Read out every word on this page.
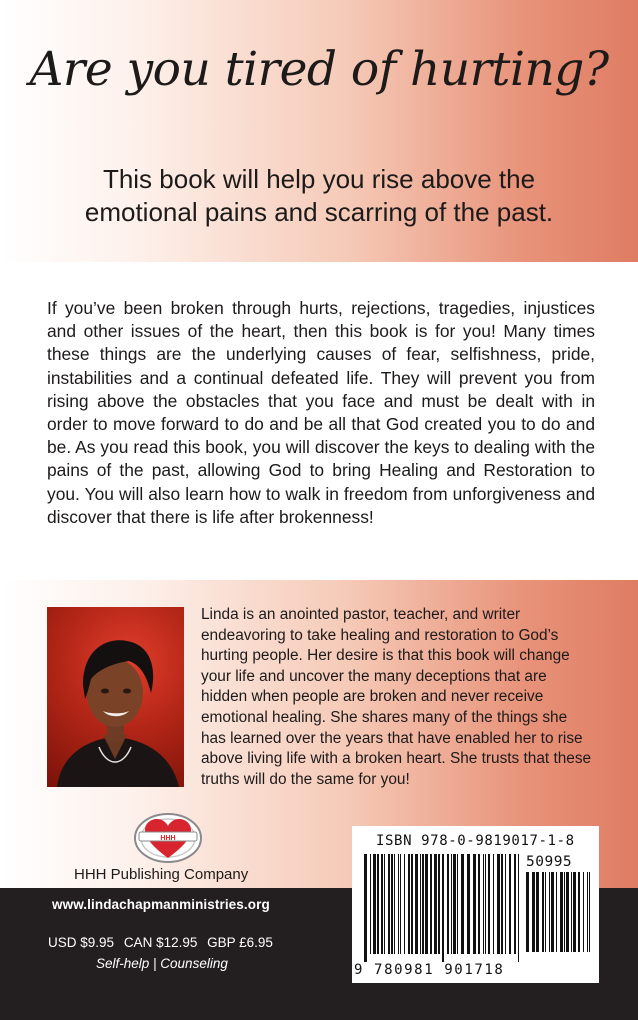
Are you tired of hurting?

This book will help you rise above the
emotional pains and scarring of the past.

If you’ve been broken through hurts, rejections, tragedies, injustices and other issues of the heart, then this book is for you! Many times these things are the underlying causes of fear, selfishness, pride, instabilities and a continual defeated life. They will prevent you from rising above the obstacles that you face and must be dealt with in order to move forward to do and be all that God created you to do and be. As you read this book, you will discover the keys to dealing with the pains of the past, allowing God to bring Healing and Restoration to you. You will also learn how to walk in freedom from unforgiveness and discover that there is life after brokenness!

Linda is an anointed pastor, teacher, and writer endeavoring to take healing and restoration to God’s hurting people. Her desire is that this book will change your life and uncover the many deceptions that are hidden when people are broken and never receive emotional healing. She shares many of the things she has learned over the years that have enabled her to rise above living life with a broken heart. She trusts that these truths will do the same for you!

HHH

HHH Publishing Company

www.lindachapmanministries.org

USD $9.95 CAN $12.95 GBP £6.95

Self-help | Counseling

ISBN 978-0-9819017-1-8

50995

9 780981 901718
